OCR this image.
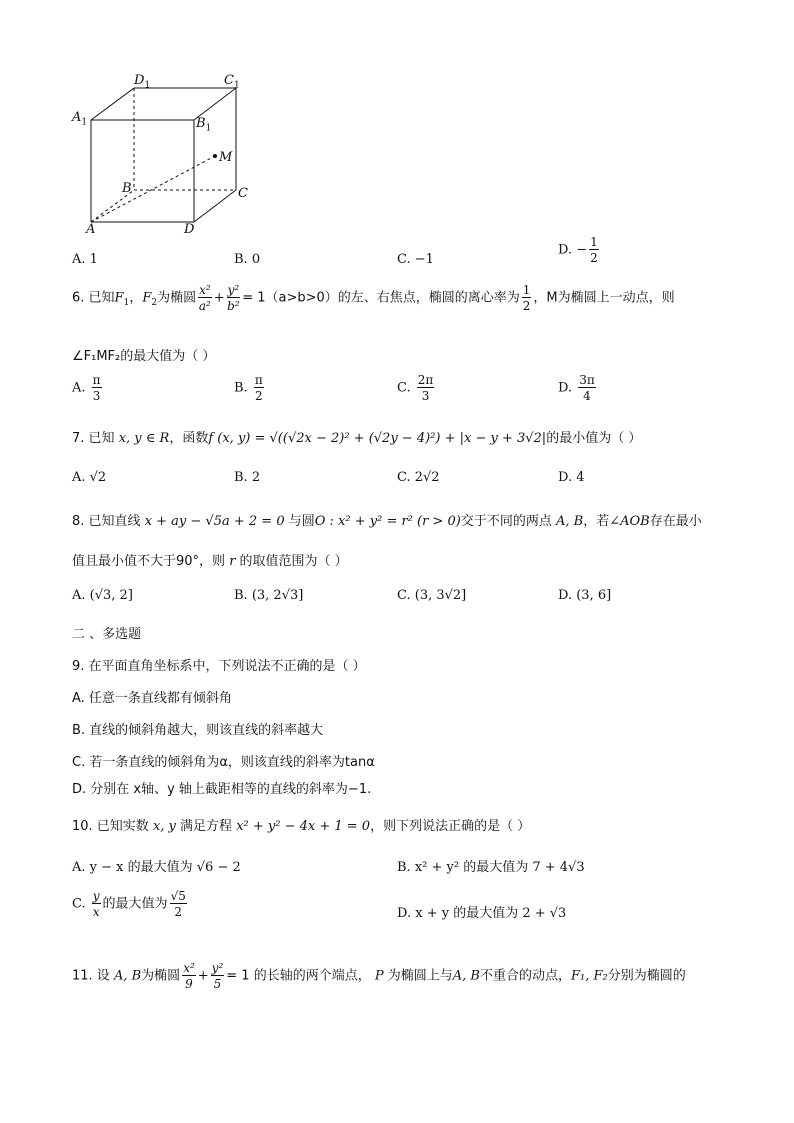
$D_1$	$C_1$
$A_1$	$B_1$
M
B	C
A	D
A. 1	B. 0	C. −1
D. − $\frac{1}{2}$
6. 已知$F_1$，$F_2$为椭圆 $\frac{\text{x²}}{\text{a²}} + \frac{\text{y²}}{\text{b²}} = 1(a>b>0)$的左、右焦点，椭圆的离心率为 $\frac{1}{2}$ ，M为椭圆上一动点，则
∠F₁MF₂的最大值为（ ）
A. $\frac{\pi}{3}$	B. $\frac{\pi}{2}$	C. $\frac{2\pi}{3}$	D. $\frac{3\pi}{4}$
7. 已知 x, y ∈ R，函数f (x, y) = √((√2x − 2)² + (√2y − 4)²) + |x − y + 3√2|的最小值为（ ）
A. √2	B. 2	C. 2√2	D. 4
8. 已知直线 x + ay − √5a + 2 = 0 与圆O : x² + y² = r² (r > 0)交于不同的两点 A, B，若∠AOB存在最小
值且最小值不大于90°，则 r 的取值范围为（ ）
A. (√3, 2]	B. (3, 2√3]	C. (3, 3√2]	D. (3, 6]
二 、多选题
9. 在平面直角坐标系中，下列说法不正确的是（ ）
A. 任意一条直线都有倾斜角
B. 直线的倾斜角越大，则该直线的斜率越大
C. 若一条直线的倾斜角为α，则该直线的斜率为tanα
D. 分别在 x轴、y 轴上截距相等的直线的斜率为−1.
10. 已知实数 x, y 满足方程 x² + y² − 4x + 1 = 0，则下列说法正确的是（ ）
A. y − x 的最大值为 √6 − 2	B. x² + y² 的最大值为 7 + 4√3
C. $\frac{y}{x}$ 的最大值为 $\frac{√5}{2}$	D. x + y 的最大值为 2 + √3
11. 设 A, B为椭圆 $\frac{\text{x²}}{9} + \frac{\text{y²}}{5} = 1$ 的长轴的两个端点， P 为椭圆上与A, B不重合的动点，F₁, F₂分别为椭圆的
